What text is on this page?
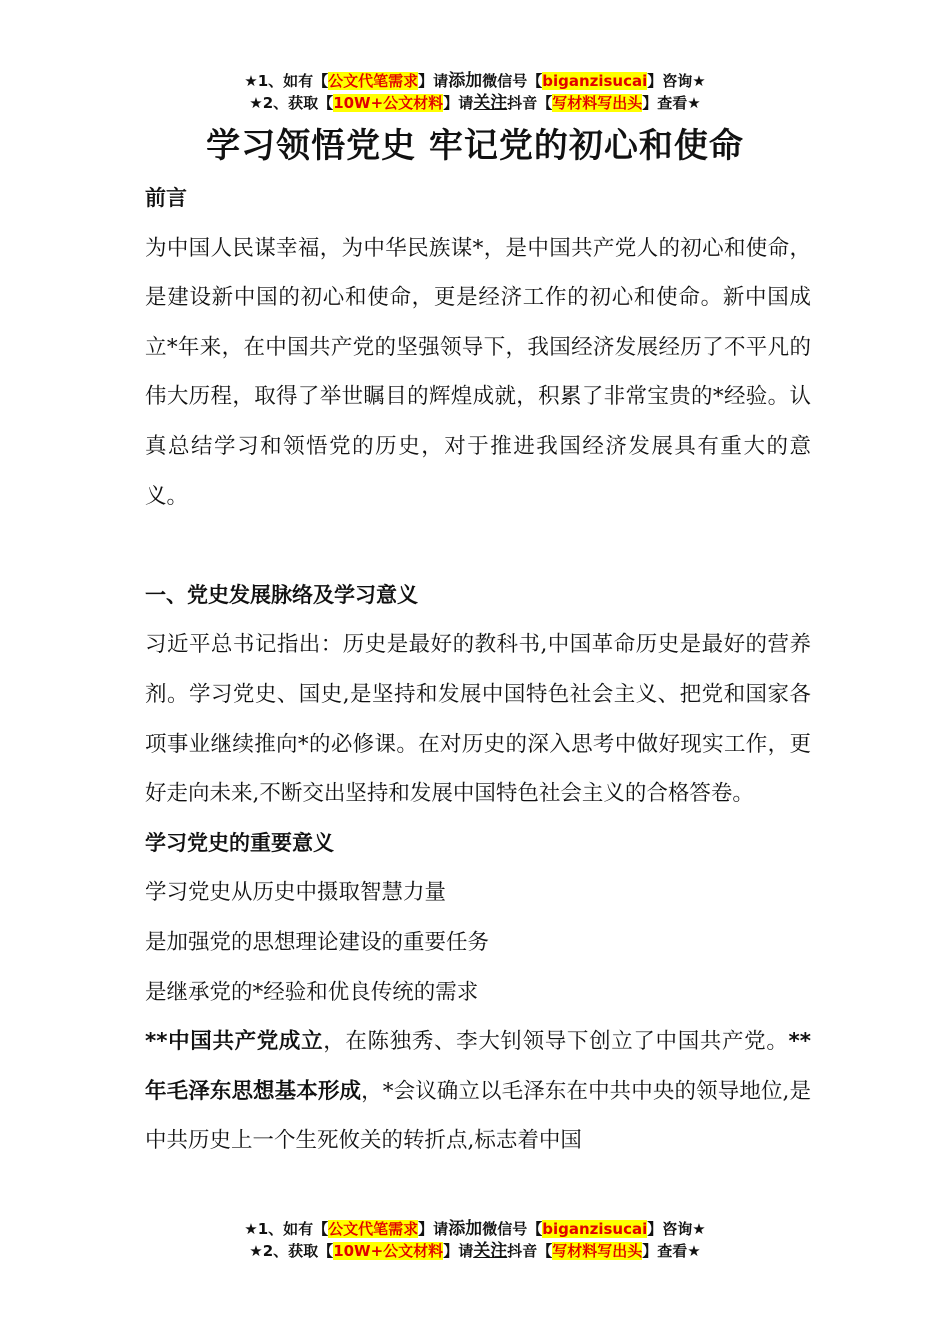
★1、如有【公文代笔需求】请添加微信号【biganzisucai】咨询★
★2、获取【10W+公文材料】请关注抖音【写材料写出头】查看★
学习领悟党史 牢记党的初心和使命

前言

为中国人民谋幸福，为中华民族谋*，是中国共产党人的初心和使命，是建设新中国的初心和使命，更是经济工作的初心和使命。新中国成立*年来，在中国共产党的坚强领导下，我国经济发展经历了不平凡的伟大历程，取得了举世瞩目的辉煌成就，积累了非常宝贵的*经验。认真总结学习和领悟党的历史，对于推进我国经济发展具有重大的意义。

一、党史发展脉络及学习意义

习近平总书记指出：历史是最好的教科书,中国革命历史是最好的营养剂。学习党史、国史,是坚持和发展中国特色社会主义、把党和国家各项事业继续推向*的必修课。在对历史的深入思考中做好现实工作，更好走向未来,不断交出坚持和发展中国特色社会主义的合格答卷。

学习党史的重要意义

学习党史从历史中摄取智慧力量

是加强党的思想理论建设的重要任务

是继承党的*经验和优良传统的需求

**中国共产党成立，在陈独秀、李大钊领导下创立了中国共产党。**年毛泽东思想基本形成，*会议确立以毛泽东在中共中央的领导地位,是中共历史上一个生死攸关的转折点,标志着中国

★1、如有【公文代笔需求】请添加微信号【biganzisucai】咨询★
★2、获取【10W+公文材料】请关注抖音【写材料写出头】查看★
